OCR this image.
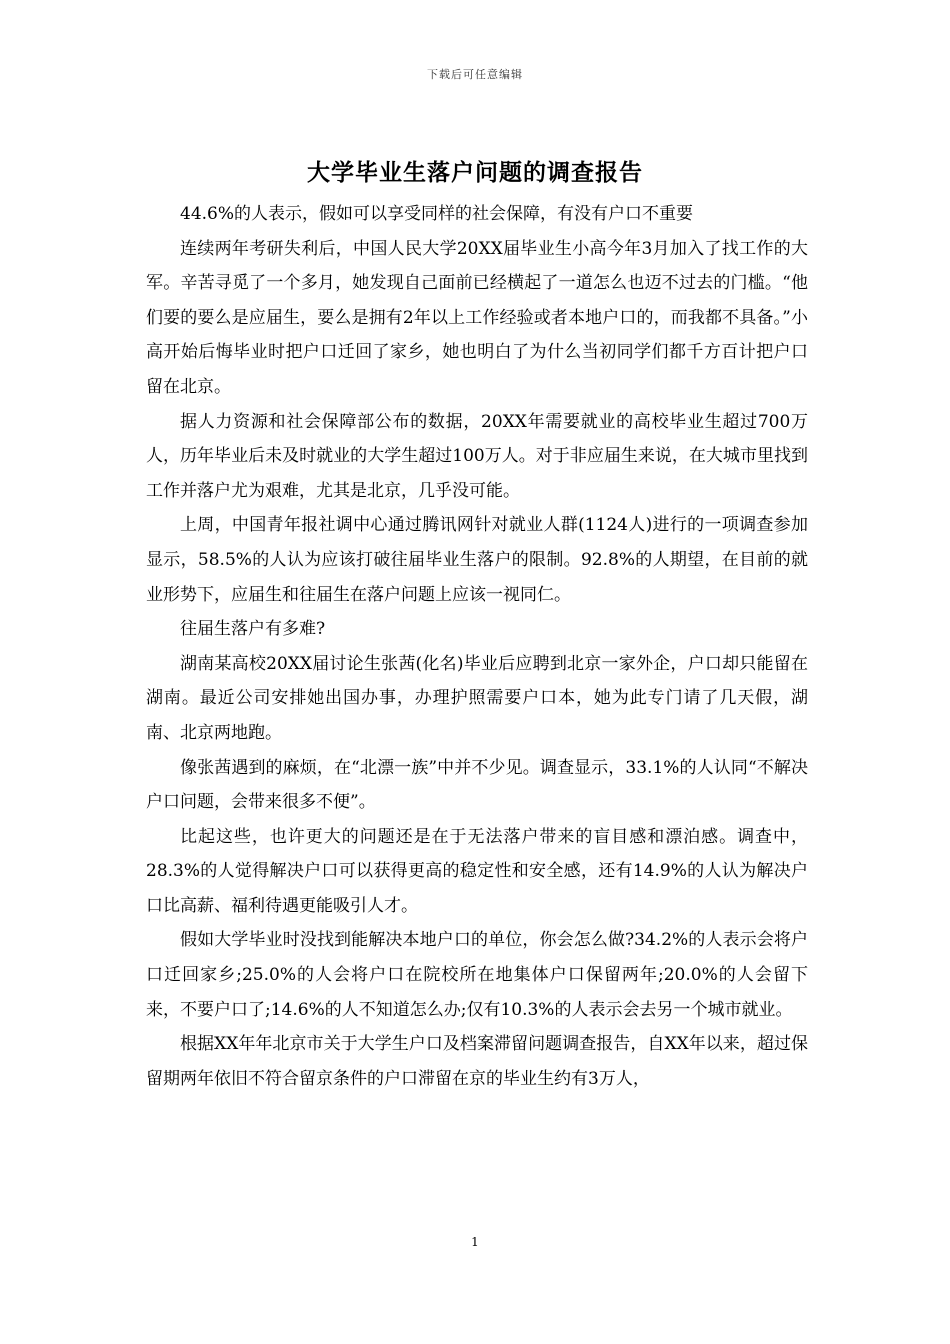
下载后可任意编辑
大学毕业生落户问题的调查报告

44.6%的人表示，假如可以享受同样的社会保障，有没有户口不重要

连续两年考研失利后，中国人民大学20XX届毕业生小高今年3月加入了找工作的大军。辛苦寻觅了一个多月，她发现自己面前已经横起了一道怎么也迈不过去的门槛。“他们要的要么是应届生，要么是拥有2年以上工作经验或者本地户口的，而我都不具备。”小高开始后悔毕业时把户口迁回了家乡，她也明白了为什么当初同学们都千方百计把户口留在北京。

据人力资源和社会保障部公布的数据，20XX年需要就业的高校毕业生超过700万人，历年毕业后未及时就业的大学生超过100万人。对于非应届生来说，在大城市里找到工作并落户尤为艰难，尤其是北京，几乎没可能。

上周，中国青年报社调中心通过腾讯网针对就业人群(1124人)进行的一项调查参加显示，58.5%的人认为应该打破往届毕业生落户的限制。92.8%的人期望，在目前的就业形势下，应届生和往届生在落户问题上应该一视同仁。

往届生落户有多难?

湖南某高校20XX届讨论生张茜(化名)毕业后应聘到北京一家外企，户口却只能留在湖南。最近公司安排她出国办事，办理护照需要户口本，她为此专门请了几天假，湖南、北京两地跑。

像张茜遇到的麻烦，在“北漂一族”中并不少见。调查显示，33.1%的人认同“不解决户口问题，会带来很多不便”。

比起这些，也许更大的问题还是在于无法落户带来的盲目感和漂泊感。调查中，28.3%的人觉得解决户口可以获得更高的稳定性和安全感，还有14.9%的人认为解决户口比高薪、福利待遇更能吸引人才。

假如大学毕业时没找到能解决本地户口的单位，你会怎么做?34.2%的人表示会将户口迁回家乡;25.0%的人会将户口在院校所在地集体户口保留两年;20.0%的人会留下来，不要户口了;14.6%的人不知道怎么办;仅有10.3%的人表示会去另一个城市就业。

根据XX年年北京市关于大学生户口及档案滞留问题调查报告，自XX年以来，超过保留期两年依旧不符合留京条件的户口滞留在京的毕业生约有3万人，

1
